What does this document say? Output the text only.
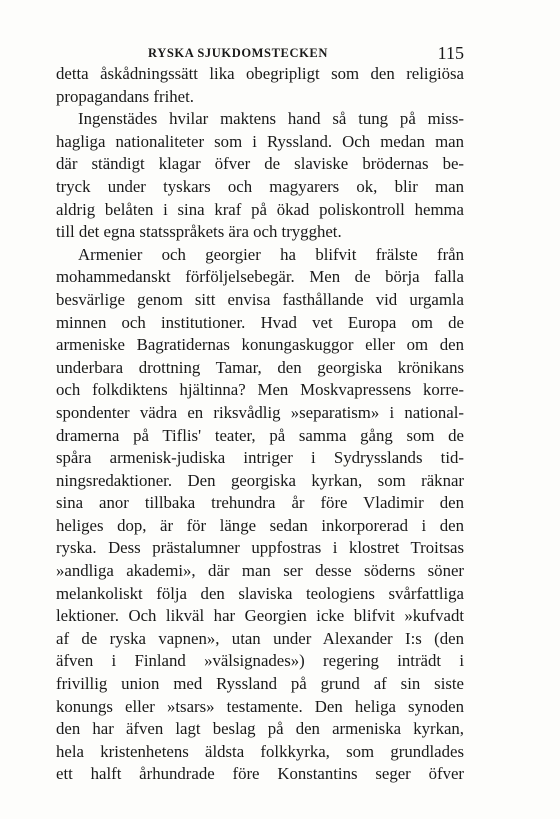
RYSKA SJUKDOMSTECKEN	115
detta åskådningssätt lika obegripligt som den religiösa
propagandans frihet.
Ingenstädes hvilar maktens hand så tung på miss-
hagliga nationaliteter som i Ryssland. Och medan man
där ständigt klagar öfver de slaviske brödernas be-
tryck under tyskars och magyarers ok, blir man
aldrig belåten i sina kraf på ökad poliskontroll hemma
till det egna statsspråkets ära och trygghet.
Armenier och georgier ha blifvit frälste från
mohammedanskt förföljelsebegär. Men de börja falla
besvärlige genom sitt envisa fasthållande vid urgamla
minnen och institutioner. Hvad vet Europa om de
armeniske Bagratidernas konungaskuggor eller om den
underbara drottning Tamar, den georgiska krönikans
och folkdiktens hjältinna? Men Moskvapressens korre-
spondenter vädra en riksvådlig »separatism» i national-
dramerna på Tiflis' teater, på samma gång som de
spåra armenisk-judiska intriger i Sydrysslands tid-
ningsredaktioner. Den georgiska kyrkan, som räknar
sina anor tillbaka trehundra år före Vladimir den
heliges dop, är för länge sedan inkorporerad i den
ryska. Dess prästalumner uppfostras i klostret Troitsas
»andliga akademi», där man ser desse söderns söner
melankoliskt följa den slaviska teologiens svårfattliga
lektioner. Och likväl har Georgien icke blifvit »kufvadt
af de ryska vapnen», utan under Alexander I:s (den
äfven i Finland »välsignades») regering inträdt i
frivillig union med Ryssland på grund af sin siste
konungs eller »tsars» testamente. Den heliga synoden
den har äfven lagt beslag på den armeniska kyrkan,
hela kristenhetens äldsta folkkyrka, som grundlades
ett halft århundrade före Konstantins seger öfver
